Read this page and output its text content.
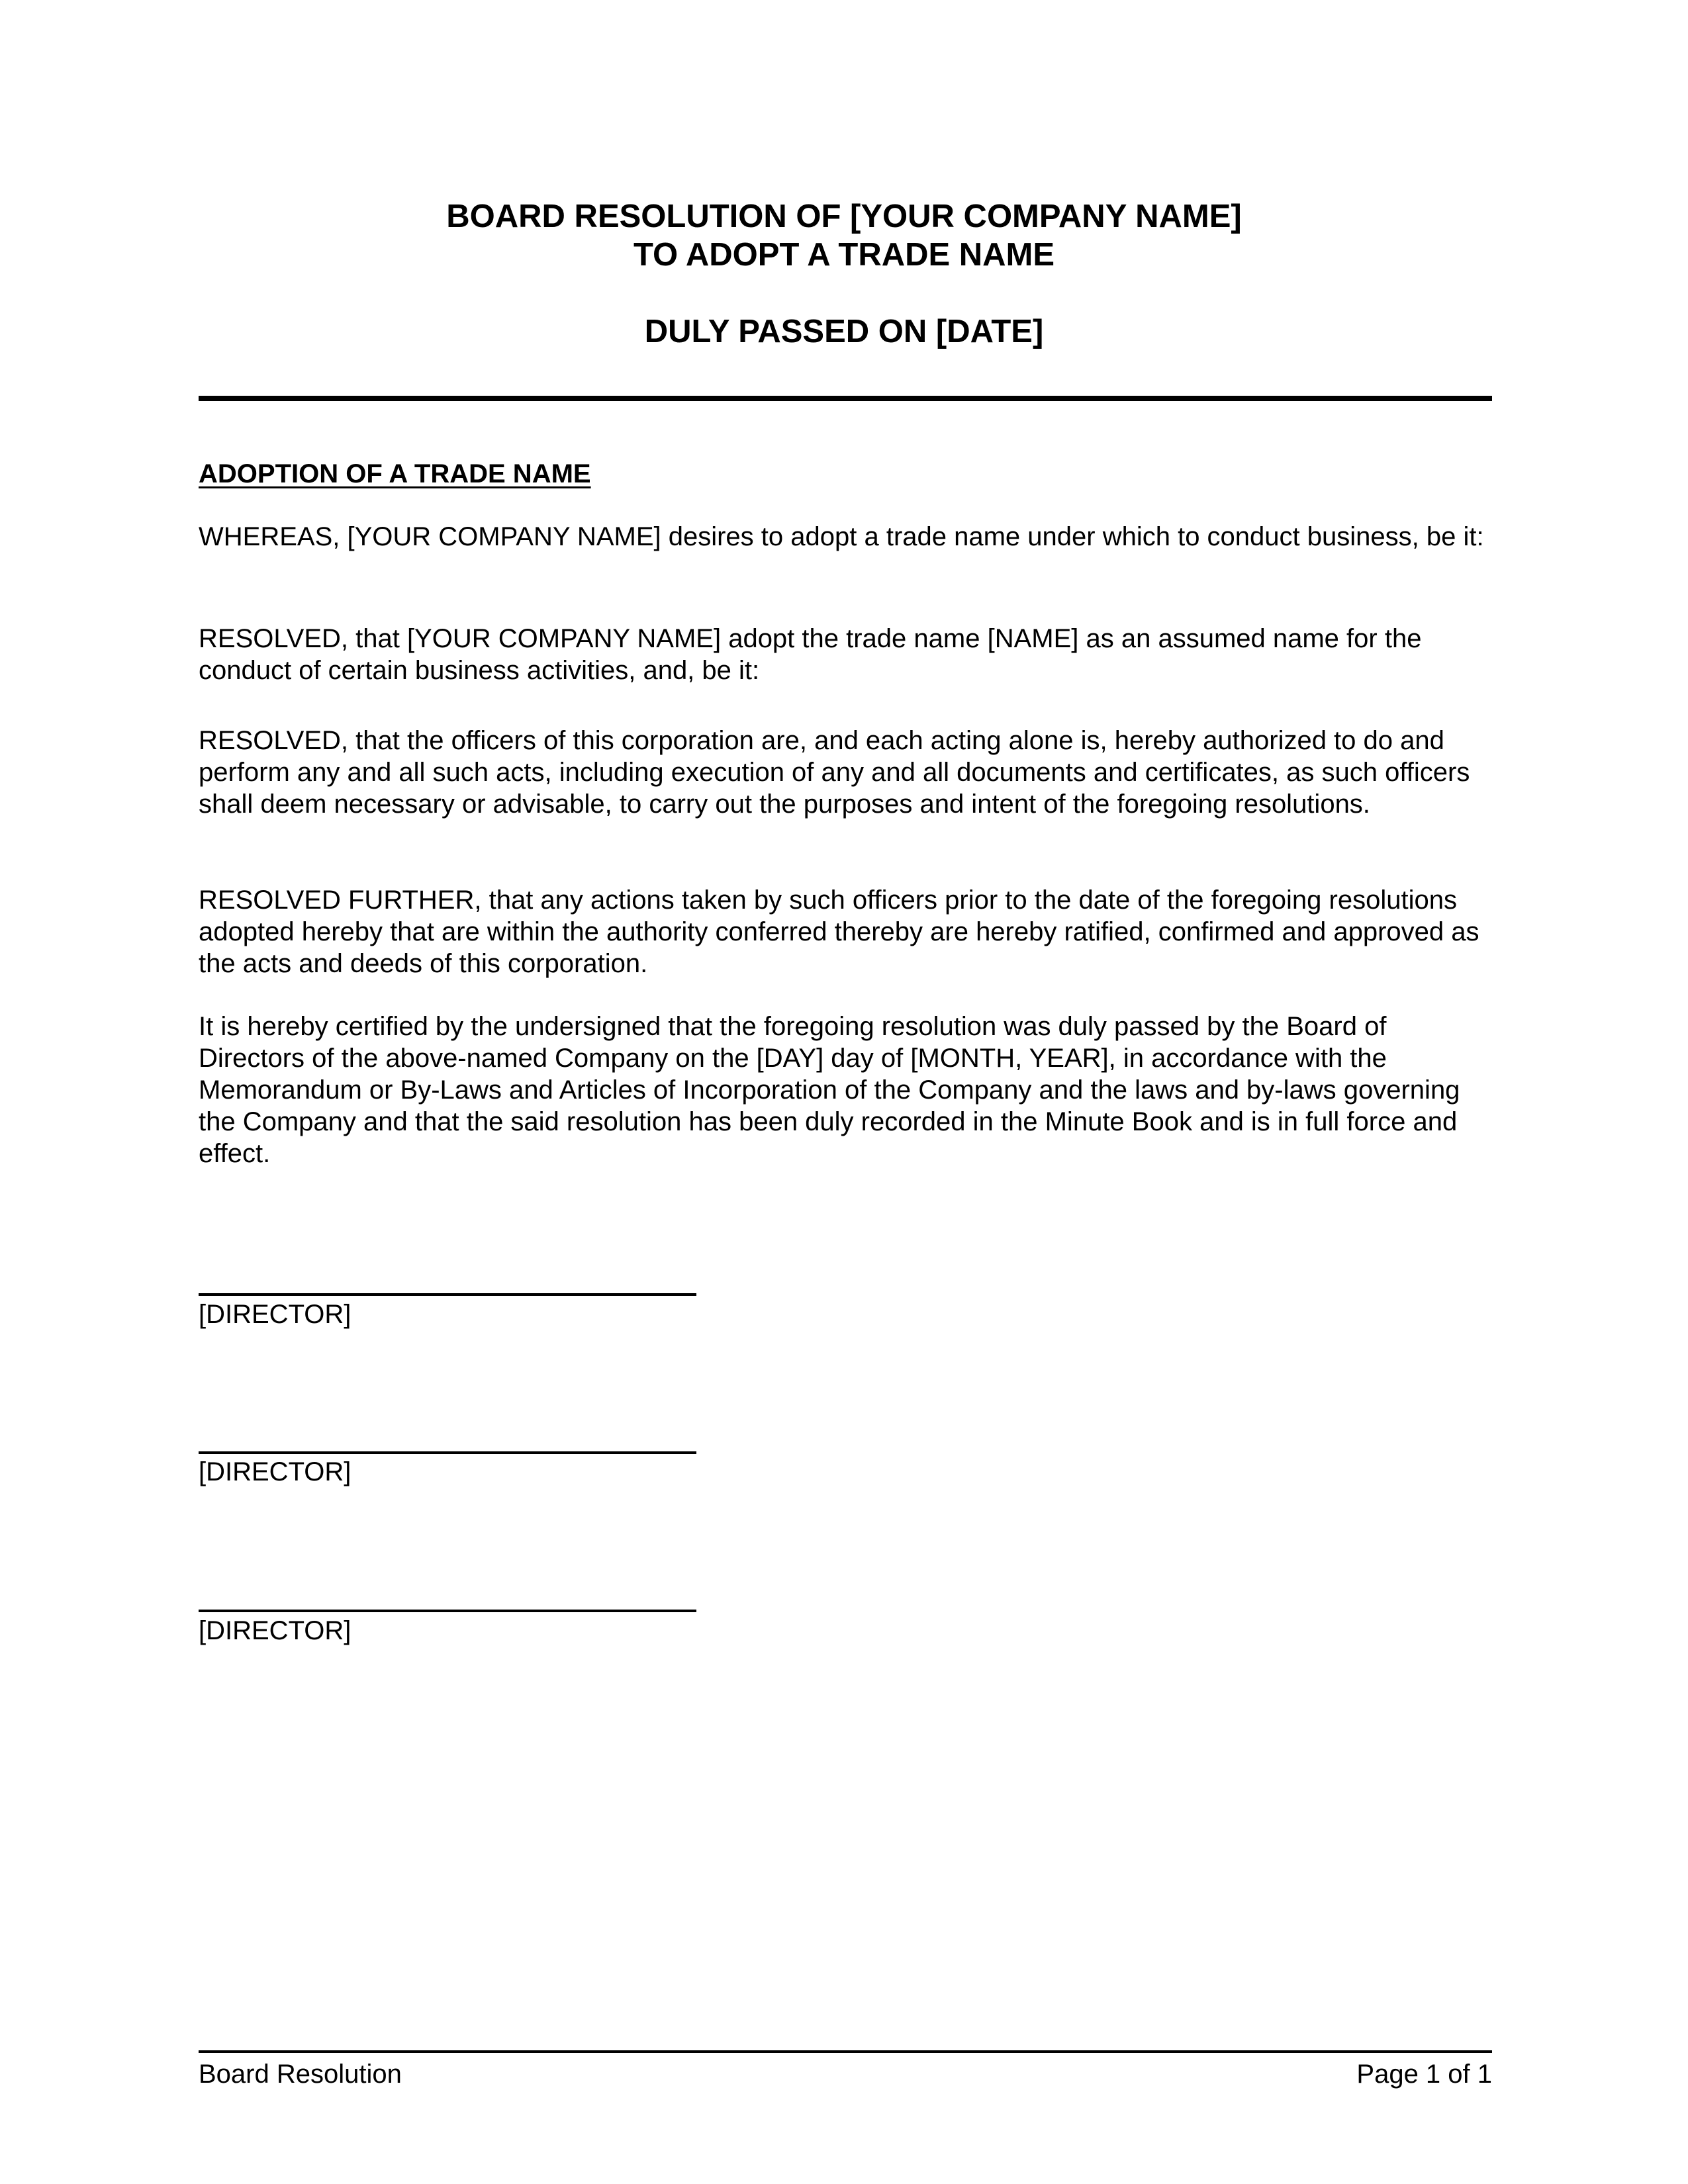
BOARD RESOLUTION OF [YOUR COMPANY NAME]
TO ADOPT A TRADE NAME
DULY PASSED ON [DATE]
ADOPTION OF A TRADE NAME

WHEREAS, [YOUR COMPANY NAME] desires to adopt a trade name under which to conduct business, be it:

RESOLVED, that [YOUR COMPANY NAME] adopt the trade name [NAME] as an assumed name for the conduct of certain business activities, and, be it:

RESOLVED, that the officers of this corporation are, and each acting alone is, hereby authorized to do and perform any and all such acts, including execution of any and all documents and certificates, as such officers shall deem necessary or advisable, to carry out the purposes and intent of the foregoing resolutions.

RESOLVED FURTHER, that any actions taken by such officers prior to the date of the foregoing resolutions adopted hereby that are within the authority conferred thereby are hereby ratified, confirmed and approved as the acts and deeds of this corporation.

It is hereby certified by the undersigned that the foregoing resolution was duly passed by the Board of Directors of the above-named Company on the [DAY] day of [MONTH, YEAR], in accordance with the Memorandum or By-Laws and Articles of Incorporation of the Company and the laws and by-laws governing the Company and that the said resolution has been duly recorded in the Minute Book and is in full force and effect.

[DIRECTOR]
[DIRECTOR]
[DIRECTOR]
Board Resolution	Page 1 of 1
